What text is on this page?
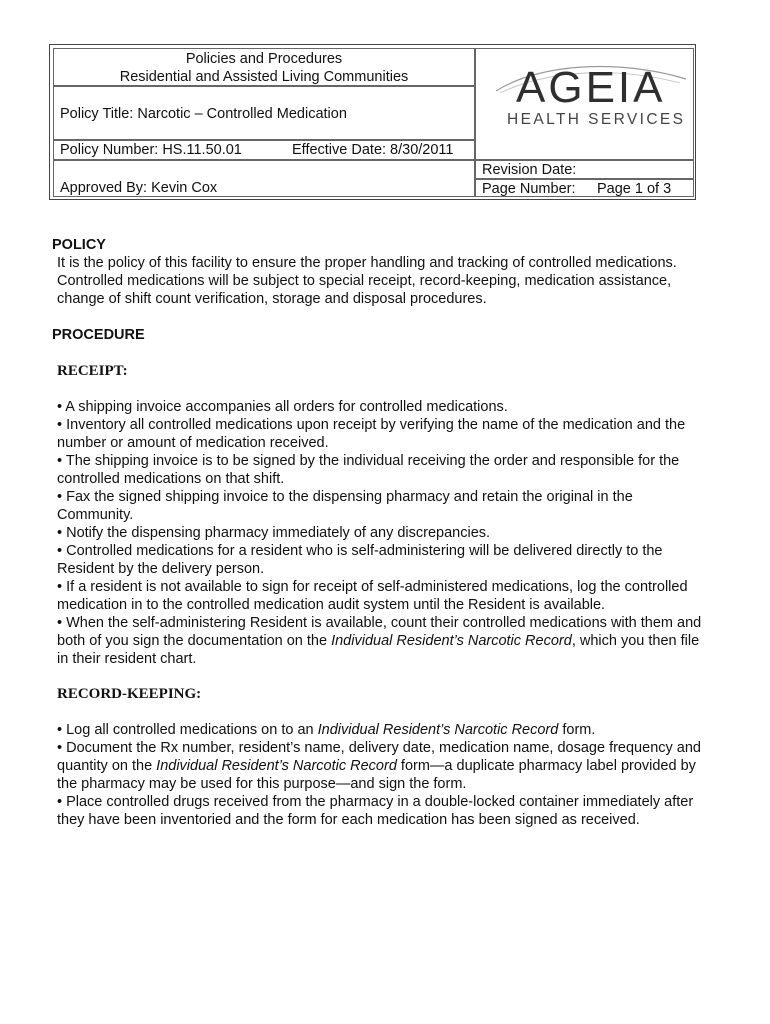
Policies and Procedures
Residential and Assisted Living Communities
Policy Title: Narcotic – Controlled Medication
Policy Number: HS.11.50.01	Effective Date: 8/30/2011
Approved By: Kevin Cox
AGEIA
HEALTH SERVICES
Revision Date:
Page Number: Page 1 of 3
POLICY

It is the policy of this facility to ensure the proper handling and tracking of controlled medications. Controlled medications will be subject to special receipt, record-keeping, medication assistance, change of shift count verification, storage and disposal procedures.

PROCEDURE
RECEIPT:

• A shipping invoice accompanies all orders for controlled medications.

• Inventory all controlled medications upon receipt by verifying the name of the medication and the number or amount of medication received.

• The shipping invoice is to be signed by the individual receiving the order and responsible for the controlled medications on that shift.

• Fax the signed shipping invoice to the dispensing pharmacy and retain the original in the Community.

• Notify the dispensing pharmacy immediately of any discrepancies.

• Controlled medications for a resident who is self-administering will be delivered directly to the Resident by the delivery person.

• If a resident is not available to sign for receipt of self-administered medications, log the controlled medication in to the controlled medication audit system until the Resident is available.

• When the self-administering Resident is available, count their controlled medications with them and both of you sign the documentation on the Individual Resident’s Narcotic Record, which you then file in their resident chart.

RECORD-KEEPING:

• Log all controlled medications on to an Individual Resident’s Narcotic Record form.

• Document the Rx number, resident’s name, delivery date, medication name, dosage frequency and quantity on the Individual Resident’s Narcotic Record form—a duplicate pharmacy label provided by the pharmacy may be used for this purpose—and sign the form.

• Place controlled drugs received from the pharmacy in a double-locked container immediately after they have been inventoried and the form for each medication has been signed as received.
